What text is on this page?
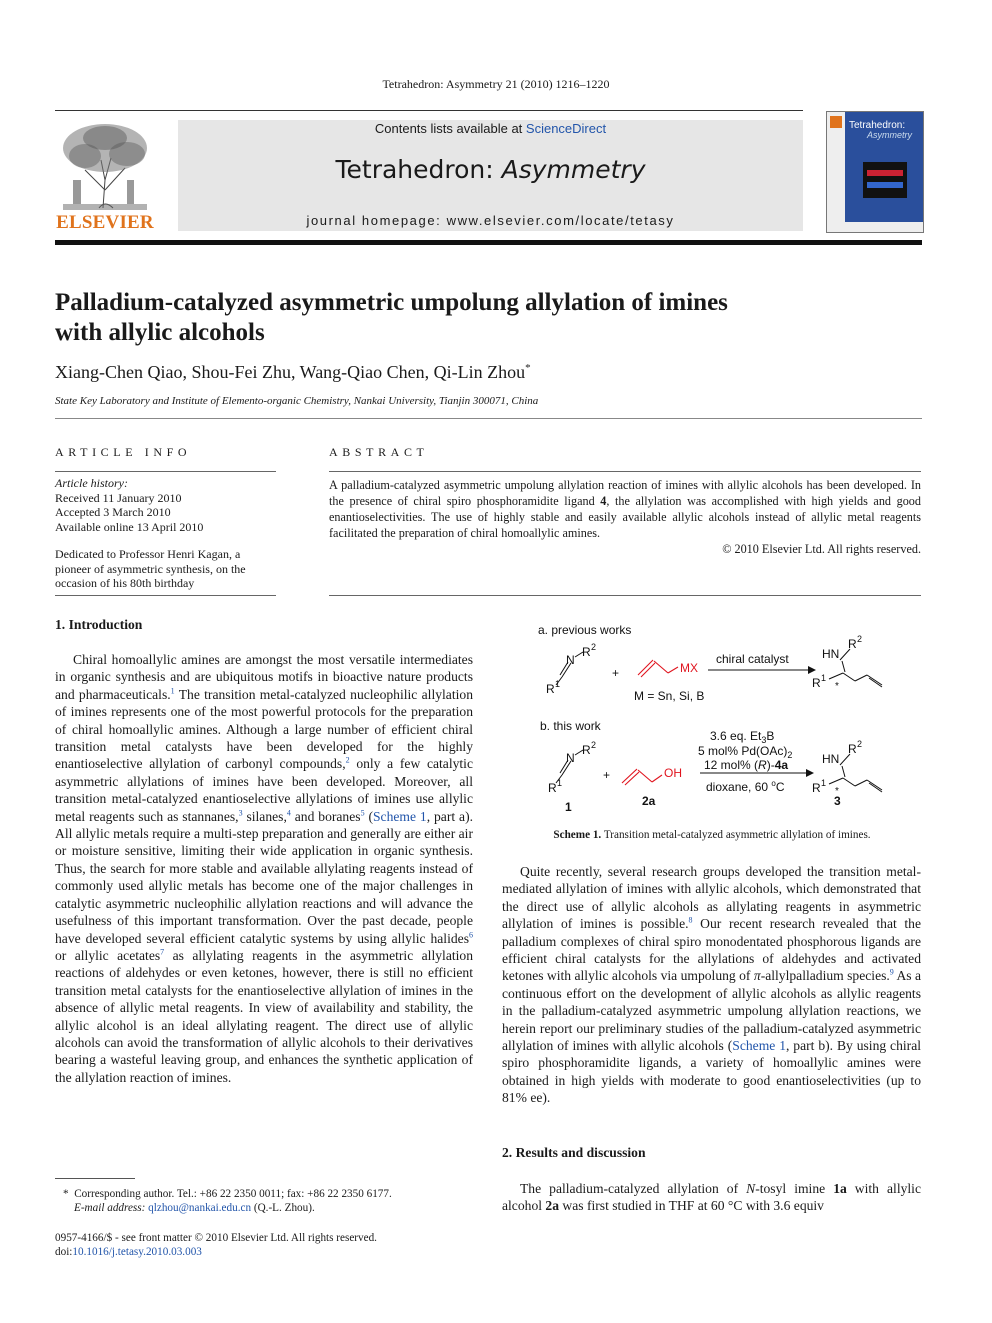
Tetrahedron: Asymmetry 21 (2010) 1216–1220
ELSEVIER
Contents lists available at ScienceDirect
Tetrahedron: Asymmetry
journal homepage: www.elsevier.com/locate/tetasy
Tetrahedron:
Asymmetry
Palladium-catalyzed asymmetric umpolung allylation of imines
with allylic alcohols
Xiang-Chen Qiao, Shou-Fei Zhu, Wang-Qiao Chen, Qi-Lin Zhou*
State Key Laboratory and Institute of Elemento-organic Chemistry, Nankai University, Tianjin 300071, China
ARTICLE INFO
Article history:
Received 11 January 2010
Accepted 3 March 2010
Available online 13 April 2010
Dedicated to Professor Henri Kagan, a
pioneer of asymmetric synthesis, on the
occasion of his 80th birthday
ABSTRACT
A palladium-catalyzed asymmetric umpolung allylation reaction of imines with allylic alcohols has been developed. In the presence of chiral spiro phosphoramidite ligand 4, the allylation was accomplished with high yields and good enantioselectivities. The use of highly stable and easily available allylic alcohols instead of allylic metal reagents facilitated the preparation of chiral homoallylic amines.
© 2010 Elsevier Ltd. All rights reserved.
1. Introduction

Chiral homoallylic amines are amongst the most versatile intermediates in organic synthesis and are ubiquitous motifs in bioactive nature products and pharmaceuticals.$^1$ The transition metal-catalyzed nucleophilic allylation of imines represents one of the most powerful protocols for the preparation of chiral homoallylic amines. Although a large number of efficient chiral transition metal catalysts have been developed for the highly enantioselective allylation of carbonyl compounds,$^2$ only a few catalytic asymmetric allylations of imines have been developed. Moreover, all transition metal-catalyzed enantioselective allylations of imines use allylic metal reagents such as stannanes,$^3$ silanes,$^4$ and boranes$^5$ (Scheme 1, part a). All allylic metals require a multi-step preparation and generally are either air or moisture sensitive, limiting their wide application in organic synthesis. Thus, the search for more stable and available allylating reagents instead of commonly used allylic metals has become one of the major challenges in catalytic asymmetric nucleophilic allylation reactions and will advance the usefulness of this important transformation. Over the past decade, people have developed several efficient catalytic systems by using allylic halides$^6$ or allylic acetates$^7$ as allylating reagents in the asymmetric allylation reactions of aldehydes or even ketones, however, there is still no efficient transition metal catalysts for the enantioselective allylation of imines in the absence of allylic metal reagents. In view of availability and stability, the allylic alcohol is an ideal allylating reagent. The direct use of allylic alcohols can avoid the transformation of allylic alcohols to their derivatives bearing a wasteful leaving group, and enhances the synthetic application of the allylation reaction of imines.

a. previous works
N
R 2
R 1
+	MX
M = Sn, Si, B
chiral catalyst	HN
R 2
R 1
*
b. this work
N
R 2
R 1
1
+	OH
2a
3.6 eq. $Et_3B$
5 mol% $Pd(OAc)_2$
12 mol% (R)-4a
dioxane, 60 $^o$C
HN
R 2
R 1
*
3
Scheme 1. Transition metal-catalyzed asymmetric allylation of imines.

Quite recently, several research groups developed the transition metal-mediated allylation of imines with allylic alcohols, which demonstrated that the direct use of allylic alcohols as allylating reagents in asymmetric allylation of imines is possible.$^8$ Our recent research revealed that the palladium complexes of chiral spiro monodentated phosphorous ligands are efficient chiral catalysts for the allylations of aldehydes and activated ketones with allylic alcohols via umpolung of π-allylpalladium species.$^9$ As a continuous effort on the development of allylic alcohols as allylic reagents in the palladium-catalyzed asymmetric umpolung allylation reactions, we herein report our preliminary studies of the palladium-catalyzed asymmetric allylation of imines with allylic alcohols (Scheme 1, part b). By using chiral spiro phosphoramidite ligands, a variety of homoallylic amines were obtained in high yields with moderate to good enantioselectivities (up to 81% ee).

2. Results and discussion

The palladium-catalyzed allylation of N-tosyl imine 1a with allylic alcohol 2a was first studied in THF at 60 °C with 3.6 equiv

* Corresponding author. Tel.: +86 22 2350 0011; fax: +86 22 2350 6177.
E-mail address: qlzhou@nankai.edu.cn (Q.-L. Zhou).
0957-4166/$ - see front matter © 2010 Elsevier Ltd. All rights reserved.
doi:10.1016/j.tetasy.2010.03.003
